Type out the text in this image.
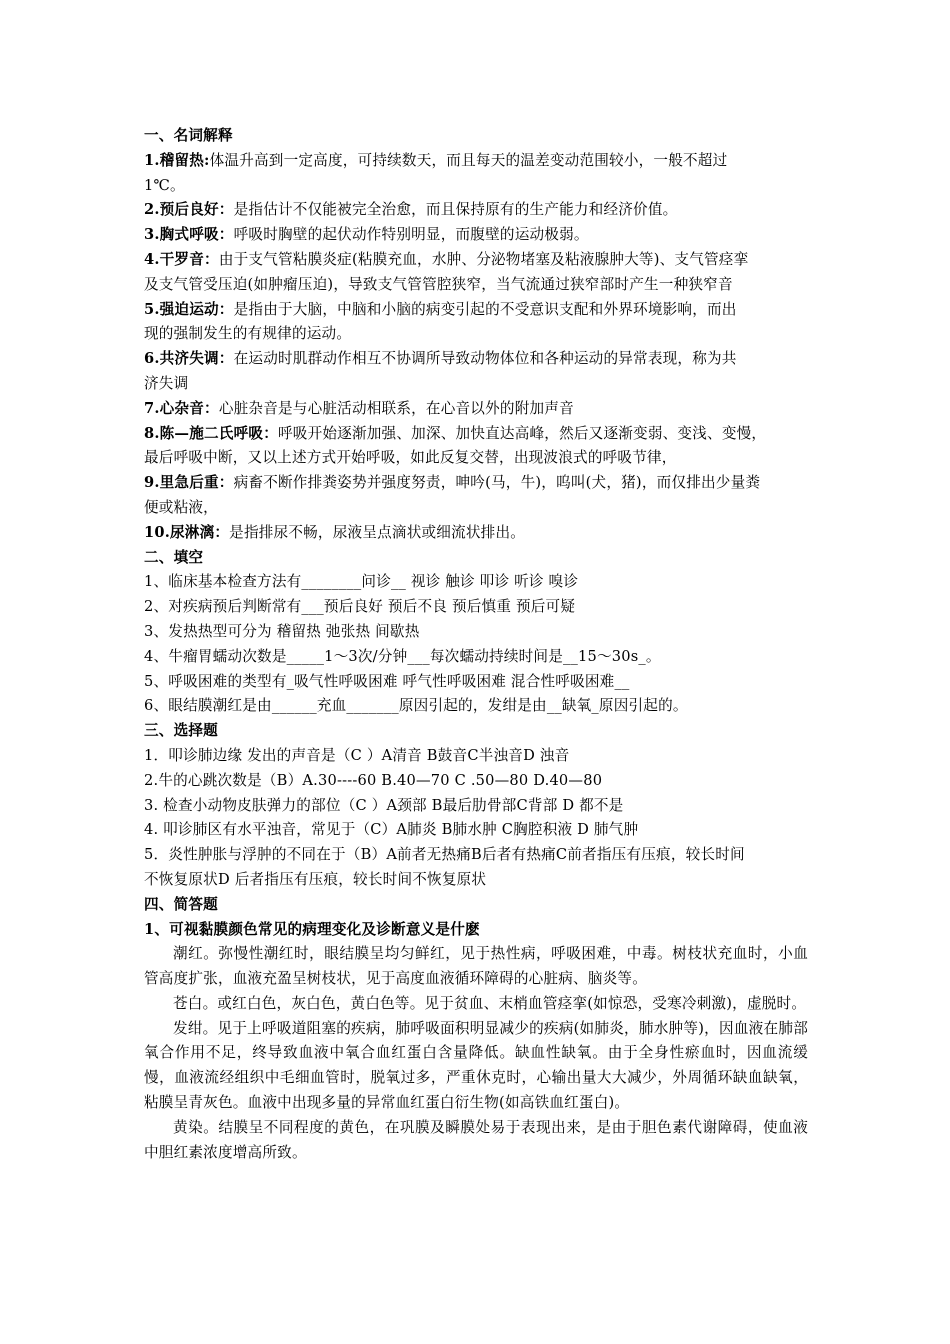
一、名词解释
1.稽留热:体温升高到一定高度，可持续数天，而且每天的温差变动范围较小，一般不超过
1℃。
2.预后良好：是指估计不仅能被完全治愈，而且保持原有的生产能力和经济价值。
3.胸式呼吸：呼吸时胸壁的起伏动作特别明显，而腹壁的运动极弱。
4.干罗音：由于支气管粘膜炎症(粘膜充血，水肿、分泌物堵塞及粘液腺肿大等)、支气管痉挛
及支气管受压迫(如肿瘤压迫)，导致支气管管腔狭窄，当气流通过狭窄部时产生一种狭窄音
5.强迫运动：是指由于大脑，中脑和小脑的病变引起的不受意识支配和外界环境影响，而出
现的强制发生的有规律的运动。
6.共济失调：在运动时肌群动作相互不协调所导致动物体位和各种运动的异常表现，称为共
济失调
7.心杂音：心脏杂音是与心脏活动相联系，在心音以外的附加声音
8.陈—施二氏呼吸：呼吸开始逐渐加强、加深、加快直达高峰，然后又逐渐变弱、变浅、变慢，
最后呼吸中断，又以上述方式开始呼吸，如此反复交替，出现波浪式的呼吸节律，
9.里急后重：病畜不断作排粪姿势并强度努责，呻吟(马，牛)，呜叫(犬，猪)，而仅排出少量粪
便或粘液，
10.尿淋漓：是指排尿不畅，尿液呈点滴状或细流状排出。
二、填空
1、临床基本检查方法有________问诊__ 视诊 触诊 叩诊 听诊 嗅诊
2、对疾病预后判断常有___预后良好 预后不良 预后慎重 预后可疑
3、发热热型可分为 稽留热 弛张热 间歇热
4、牛瘤胃蠕动次数是_____1～3次/分钟___每次蠕动持续时间是__15～30s_。
5、呼吸困难的类型有_吸气性呼吸困难 呼气性呼吸困难 混合性呼吸困难__
6、眼结膜潮红是由______充血_______原因引起的，发绀是由__缺氧_原因引起的。
三、选择题
1．叩诊肺边缘 发出的声音是（C ）A清音 B鼓音C半浊音D 浊音
2.牛的心跳次数是（B）A.30----60 B.40—70 C .50—80 D.40—80
3. 检查小动物皮肤弹力的部位（C ）A颈部 B最后肋骨部C背部 D 都不是
4. 叩诊肺区有水平浊音，常见于（C）A肺炎 B肺水肿 C胸腔积液 D 肺气肿
5．炎性肿胀与浮肿的不同在于（B）A前者无热痛B后者有热痛C前者指压有压痕，较长时间
不恢复原状D 后者指压有压痕，较长时间不恢复原状
四、简答题
1、可视黏膜颜色常见的病理变化及诊断意义是什麽
潮红。弥慢性潮红时，眼结膜呈均匀鲜红，见于热性病，呼吸困难，中毒。树枝状充血时，小血管高度扩张，血液充盈呈树枝状，见于高度血液循环障碍的心脏病、脑炎等。
苍白。或红白色，灰白色，黄白色等。见于贫血、末梢血管痉挛(如惊恐，受寒冷刺激)，虚脱时。
发绀。见于上呼吸道阻塞的疾病，肺呼吸面积明显减少的疾病(如肺炎，肺水肿等)，因血液在肺部氧合作用不足，终导致血液中氧合血红蛋白含量降低。缺血性缺氧。由于全身性瘀血时，因血流缓慢，血液流经组织中毛细血管时，脱氧过多，严重休克时，心输出量大大减少，外周循环缺血缺氧，粘膜呈青灰色。血液中出现多量的异常血红蛋白衍生物(如高铁血红蛋白)。
黄染。结膜呈不同程度的黄色，在巩膜及瞬膜处易于表现出来，是由于胆色素代谢障碍，使血液中胆红素浓度增高所致。
